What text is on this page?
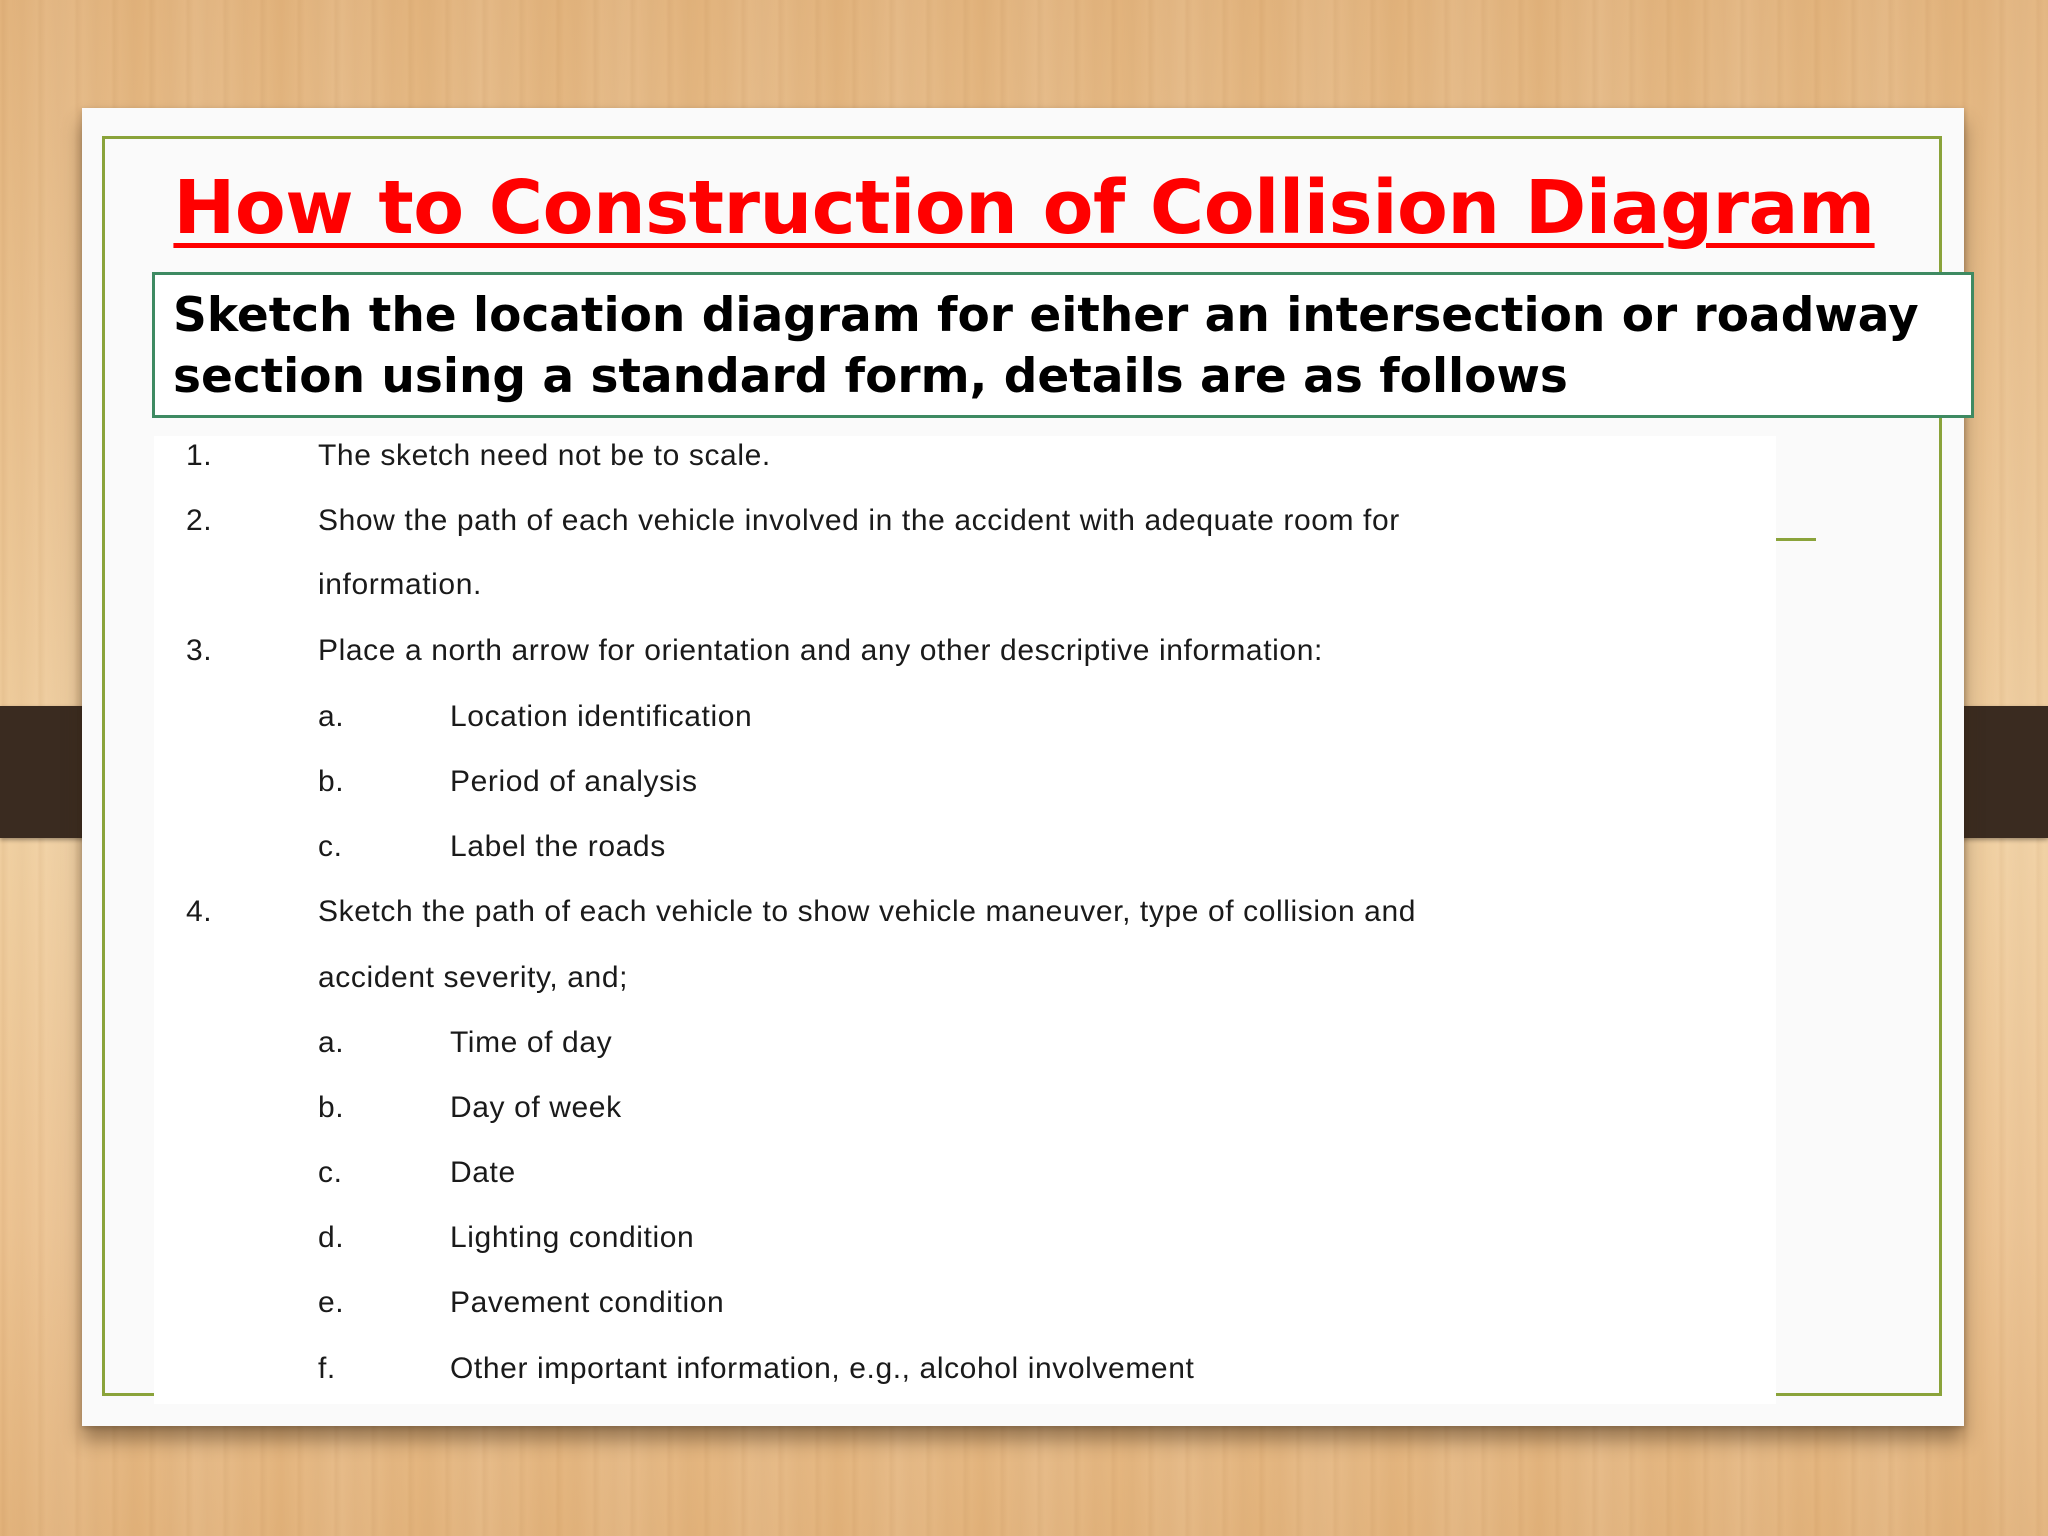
How to Construction of Collision Diagram
Sketch the location diagram for either an intersection or roadway
section using a standard form, details are as follows
1.	The sketch need not be to scale.
2.	Show the path of each vehicle involved in the accident with adequate room for
information.
3.	Place a north arrow for orientation and any other descriptive information:
a.	Location identification
b.	Period of analysis
c.	Label the roads
4.	Sketch the path of each vehicle to show vehicle maneuver, type of collision and
accident severity, and;
a.	Time of day
b.	Day of week
c.	Date
d.	Lighting condition
e.	Pavement condition
f.	Other important information, e.g., alcohol involvement
